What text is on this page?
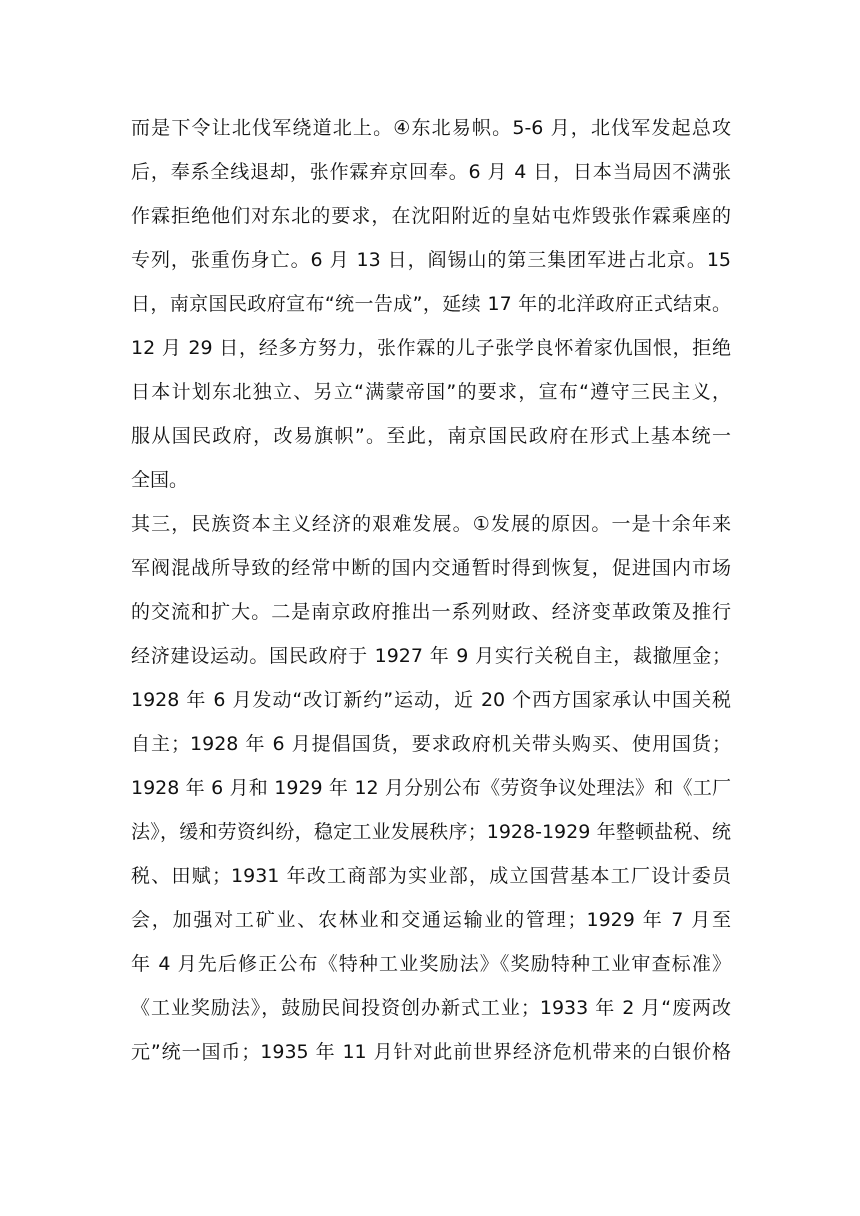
而是下令让北伐军绕道北上。④东北易帜。5-6 月，北伐军发起总攻
后，奉系全线退却，张作霖弃京回奉。6 月 4 日，日本当局因不满张
作霖拒绝他们对东北的要求，在沈阳附近的皇姑屯炸毁张作霖乘座的
专列，张重伤身亡。6 月 13 日，阎锡山的第三集团军进占北京。15
日，南京国民政府宣布“统一告成”，延续 17 年的北洋政府正式结束。
12 月 29 日，经多方努力，张作霖的儿子张学良怀着家仇国恨，拒绝
日本计划东北独立、另立“满蒙帝国”的要求，宣布“遵守三民主义，
服从国民政府，改易旗帜”。至此，南京国民政府在形式上基本统一
全国。
其三，民族资本主义经济的艰难发展。①发展的原因。一是十余年来
军阀混战所导致的经常中断的国内交通暂时得到恢复，促进国内市场
的交流和扩大。二是南京政府推出一系列财政、经济变革政策及推行
经济建设运动。国民政府于 1927 年 9 月实行关税自主，裁撤厘金；
1928 年 6 月发动“改订新约”运动，近 20 个西方国家承认中国关税
自主；1928 年 6 月提倡国货，要求政府机关带头购买、使用国货；
1928 年 6 月和 1929 年 12 月分别公布《劳资争议处理法》和《工厂
法》，缓和劳资纠纷，稳定工业发展秩序；1928-1929 年整顿盐税、统
税、田赋；1931 年改工商部为实业部，成立国营基本工厂设计委员
会，加强对工矿业、农林业和交通运输业的管理；1929 年 7 月至
年 4 月先后修正公布《特种工业奖励法》《奖励特种工业审查标准》
《工业奖励法》，鼓励民间投资创办新式工业；1933 年 2 月“废两改
元”统一国币；1935 年 11 月针对此前世界经济危机带来的白银价格
